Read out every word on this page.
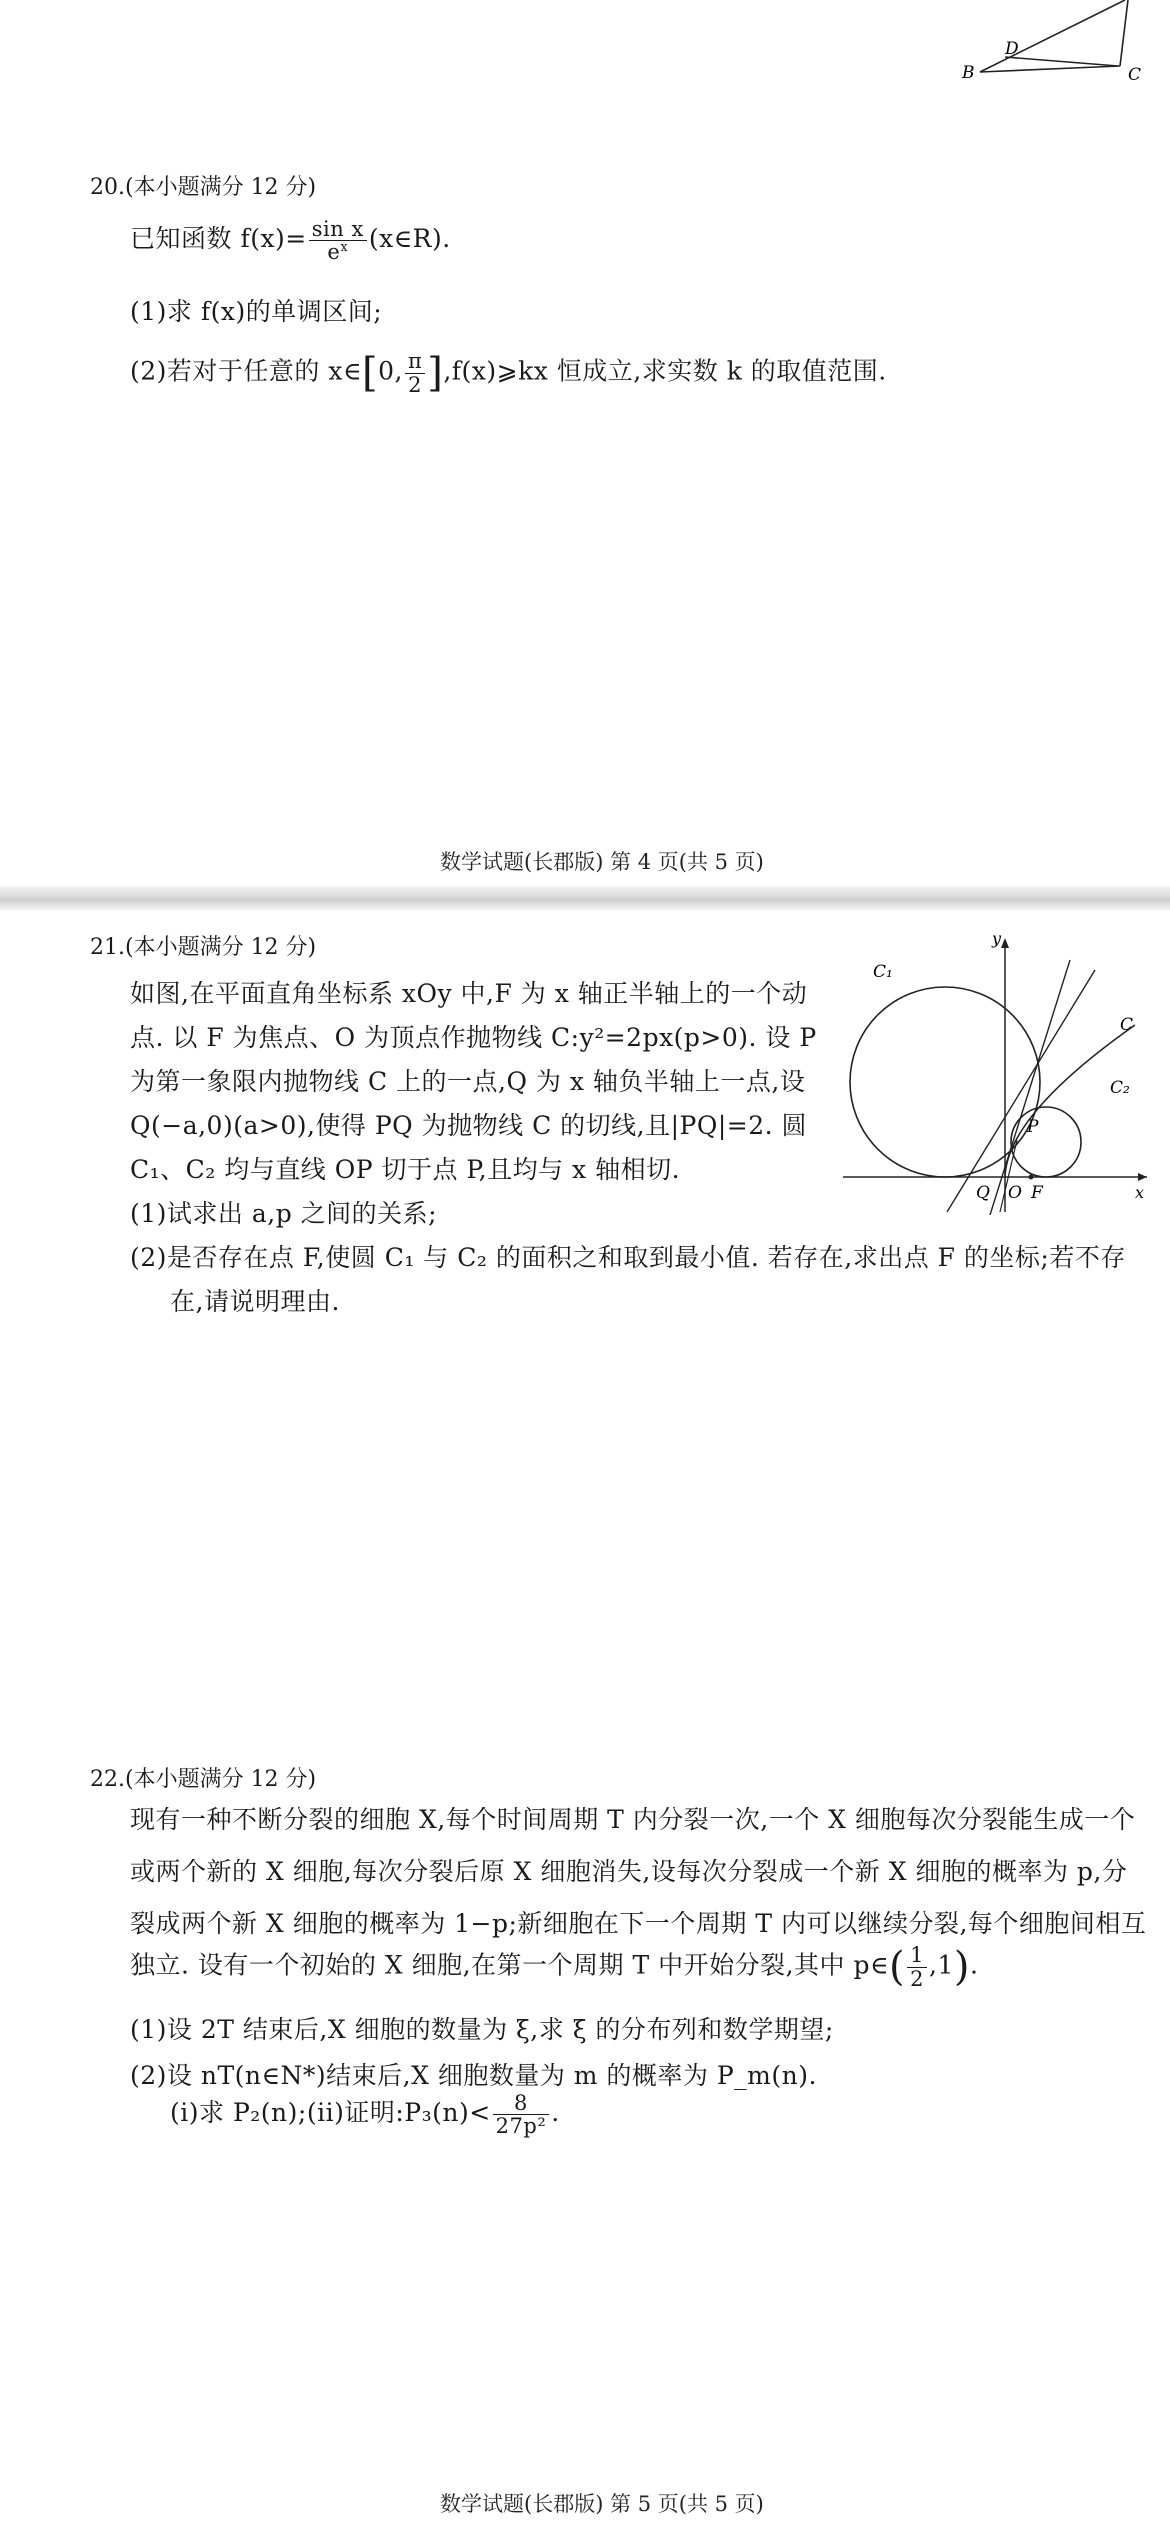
D
B	C
20.(本小题满分 12 分)
已知函数 $f(x)= \frac{\text{sin x}}{e^x}$ (x∈R).
(1)求 f(x)的单调区间;
(2)若对于任意的 x∈[0, $\frac{\pi}{2}$ ],f(x)⩾kx 恒成立,求实数 k 的取值范围.
数学试题(长郡版) 第 4 页(共 5 页)
21.(本小题满分 12 分)
如图,在平面直角坐标系 xOy 中,F 为 x 轴正半轴上的一个动
点. 以 F 为焦点、O 为顶点作抛物线 C:y²=2px(p>0). 设 P
为第一象限内抛物线 C 上的一点,Q 为 x 轴负半轴上一点,设
Q(−a,0)(a>0),使得 PQ 为抛物线 C 的切线,且|PQ|=2. 圆
C₁、C₂ 均与直线 OP 切于点 P,且均与 x 轴相切.
(1)试求出 a,p 之间的关系;
(2)是否存在点 F,使圆 C₁ 与 C₂ 的面积之和取到最小值. 若存在,求出点 F 的坐标;若不存
在,请说明理由.
C₁
C₂
C
P
Q O F
y
x
22.(本小题满分 12 分)
现有一种不断分裂的细胞 X,每个时间周期 T 内分裂一次,一个 X 细胞每次分裂能生成一个
或两个新的 X 细胞,每次分裂后原 X 细胞消失,设每次分裂成一个新 X 细胞的概率为 p,分
裂成两个新 X 细胞的概率为 1−p;新细胞在下一个周期 T 内可以继续分裂,每个细胞间相互
独立. 设有一个初始的 X 细胞,在第一个周期 T 中开始分裂,其中 p∈( $\frac{1}{2} ,1$).
(1)设 2T 结束后,X 细胞的数量为 ξ,求 ξ 的分布列和数学期望;
(2)设 nT(n∈N*)结束后,X 细胞数量为 m 的概率为 P_m(n).
(i)求 P₂(n);(ii)证明:P₃(n)< $\frac{8}{\text{27p²}}$ .
数学试题(长郡版) 第 5 页(共 5 页)
